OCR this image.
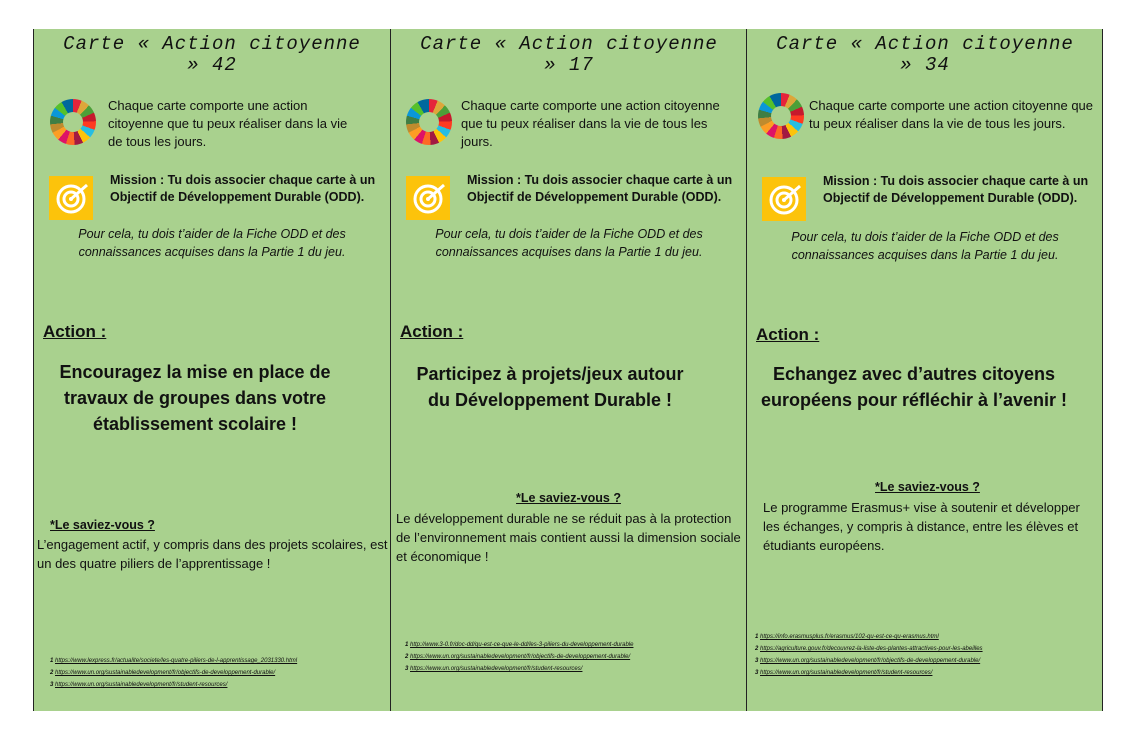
Carte « Action citoyenne » 42
Chaque carte comporte une action citoyenne que tu peux réaliser dans la vie de tous les jours.
Mission : Tu dois associer chaque carte à un Objectif de Développement Durable (ODD).
Pour cela, tu dois t’aider de la Fiche ODD et des connaissances acquises dans la Partie 1 du jeu.
Action :
Encouragez la mise en place de travaux de groupes dans votre établissement scolaire !
*Le saviez-vous ?
L’engagement actif, y compris dans des projets scolaires, est un des quatre piliers de l’apprentissage !
1 https://www.lexpress.fr/actualite/societe/les-quatre-piliers-de-l-apprentissage_2031330.html
2 https://www.un.org/sustainabledevelopment/fr/objectifs-de-developpement-durable/
3 https://www.un.org/sustainabledevelopment/fr/student-resources/
Carte « Action citoyenne » 17
Chaque carte comporte une action citoyenne que tu peux réaliser dans la vie de tous les jours.
Mission : Tu dois associer chaque carte à un Objectif de Développement Durable (ODD).
Pour cela, tu dois t’aider de la Fiche ODD et des connaissances acquises dans la Partie 1 du jeu.
Action :
Participez à projets/jeux autour du Développement Durable !
*Le saviez-vous ?
Le développement durable ne se réduit pas à la protection de l’environnement mais contient aussi la dimension sociale et économique !
1 http://www.3-0.fr/doc-dd/qu-est-ce-que-le-dd/les-3-piliers-du-developpement-durable
2 https://www.un.org/sustainabledevelopment/fr/objectifs-de-developpement-durable/
3 https://www.un.org/sustainabledevelopment/fr/student-resources/
Carte « Action citoyenne » 34
Chaque carte comporte une action citoyenne que tu peux réaliser dans la vie de tous les jours.
Mission : Tu dois associer chaque carte à un Objectif de Développement Durable (ODD).
Pour cela, tu dois t’aider de la Fiche ODD et des connaissances acquises dans la Partie 1 du jeu.
Action :
Echangez avec d’autres citoyens européens pour réfléchir à l’avenir !
*Le saviez-vous ?
Le programme Erasmus+ vise à soutenir et développer les échanges, y compris à distance, entre les élèves et étudiants européens.
1 https://info.erasmusplus.fr/erasmus/102-qu-est-ce-qu-erasmus.html
2 https://agriculture.gouv.fr/decouvrez-la-liste-des-plantes-attractives-pour-les-abeilles
3 https://www.un.org/sustainabledevelopment/fr/objectifs-de-developpement-durable/
3 https://www.un.org/sustainabledevelopment/fr/student-resources/
